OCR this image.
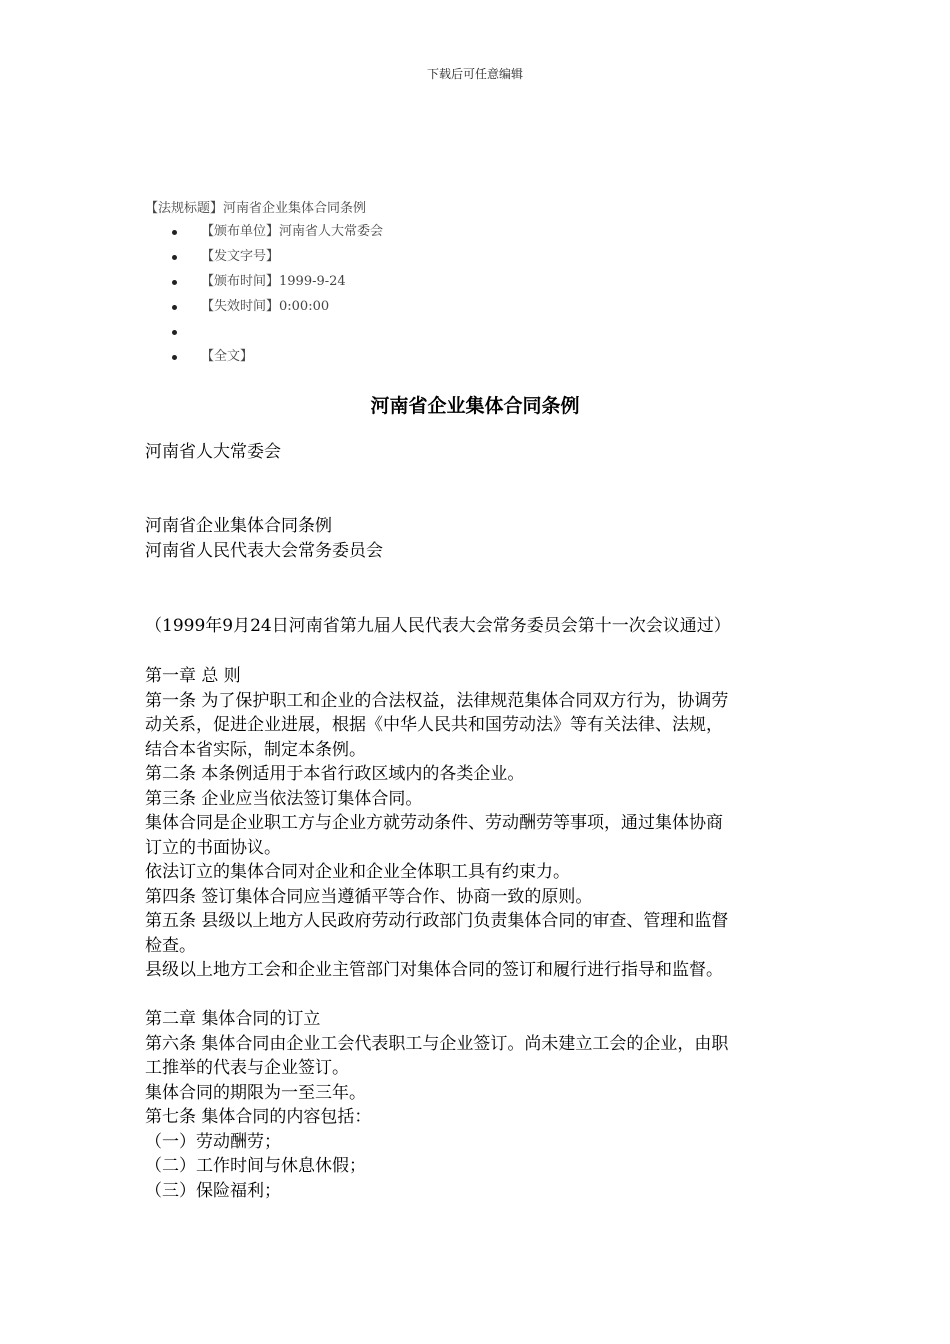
下载后可任意编辑
【法规标题】河南省企业集体合同条例
【颁布单位】河南省人大常委会
【发文字号】
【颁布时间】1999-9-24
【失效时间】0:00:00
【全文】
河南省企业集体合同条例
河南省人大常委会
河南省企业集体合同条例
河南省人民代表大会常务委员会
（1999年9月24日河南省第九届人民代表大会常务委员会第十一次会议通过）
第一章 总 则
第一条 为了保护职工和企业的合法权益，法律规范集体合同双方行为，协调劳
动关系，促进企业进展，根据《中华人民共和国劳动法》等有关法律、法规，
结合本省实际，制定本条例。
第二条 本条例适用于本省行政区域内的各类企业。
第三条 企业应当依法签订集体合同。
集体合同是企业职工方与企业方就劳动条件、劳动酬劳等事项，通过集体协商
订立的书面协议。
依法订立的集体合同对企业和企业全体职工具有约束力。
第四条 签订集体合同应当遵循平等合作、协商一致的原则。
第五条 县级以上地方人民政府劳动行政部门负责集体合同的审查、管理和监督
检查。
县级以上地方工会和企业主管部门对集体合同的签订和履行进行指导和监督。
第二章 集体合同的订立
第六条 集体合同由企业工会代表职工与企业签订。尚未建立工会的企业，由职
工推举的代表与企业签订。
集体合同的期限为一至三年。
第七条 集体合同的内容包括：
（一）劳动酬劳；
（二）工作时间与休息休假；
（三）保险福利；
